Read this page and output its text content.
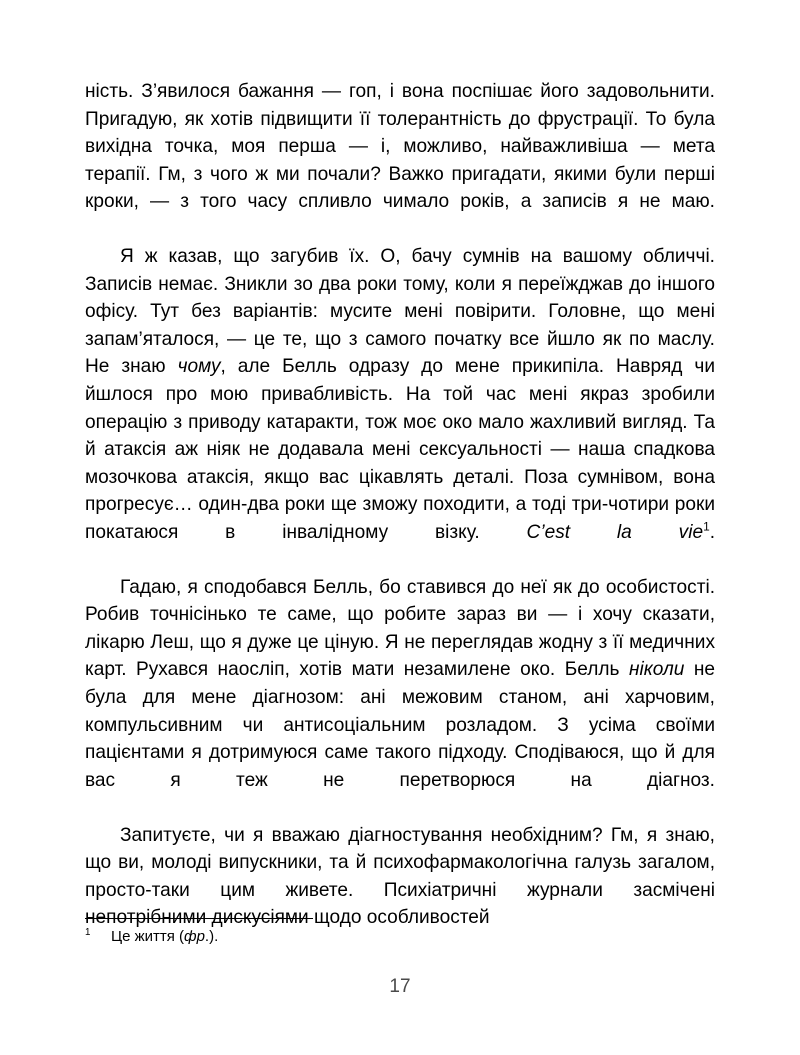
ність. З’явилося бажання — гоп, і вона поспішає його задовольнити. Пригадую, як хотів підвищити її толерантність до фрустрації. То була вихідна точка, моя перша — і, можливо, найважливіша — мета терапії. Гм, з чого ж ми почали? Важко пригадати, якими були перші кроки, — з того часу спливло чимало років, а записів я не маю.

Я ж казав, що загубив їх. О, бачу сумнів на вашому обличчі. Записів немає. Зникли зо два роки тому, коли я переїжджав до іншого офісу. Тут без варіантів: мусите мені повірити. Головне, що мені запам’яталося, — це те, що з самого початку все йшло як по маслу. Не знаю чому, але Белль одразу до мене прикипіла. Навряд чи йшлося про мою привабливість. На той час мені якраз зробили операцію з приводу катаракти, тож моє око мало жахливий вигляд. Та й атаксія аж ніяк не додавала мені сексуальності — наша спадкова мозочкова атаксія, якщо вас цікавлять деталі. Поза сумнівом, вона прогресує… один-два роки ще зможу походити, а тоді три-чотири роки покатаюся в інвалідному візку. C’est la vie$^1$.

Гадаю, я сподобався Белль, бо ставився до неї як до особистості. Робив точнісінько те саме, що робите зараз ви — і хочу сказати, лікарю Леш, що я дуже це ціную. Я не переглядав жодну з її медичних карт. Рухався наосліп, хотів мати незамилене око. Белль ніколи не була для мене діагнозом: ані межовим станом, ані харчовим, компульсивним чи антисоціальним розладом. З усіма своїми пацієнтами я дотримуюся саме такого підходу. Сподіваюся, що й для вас я теж не перетворюся на діагноз.

Запитуєте, чи я вважаю діагностування необхідним? Гм, я знаю, що ви, молоді випускники, та й психофармакологічна галузь загалом, просто-таки цим живете. Психіатричні журнали засмічені непотрібними дискусіями щодо особливостей

1 Це життя (фр.).
17
